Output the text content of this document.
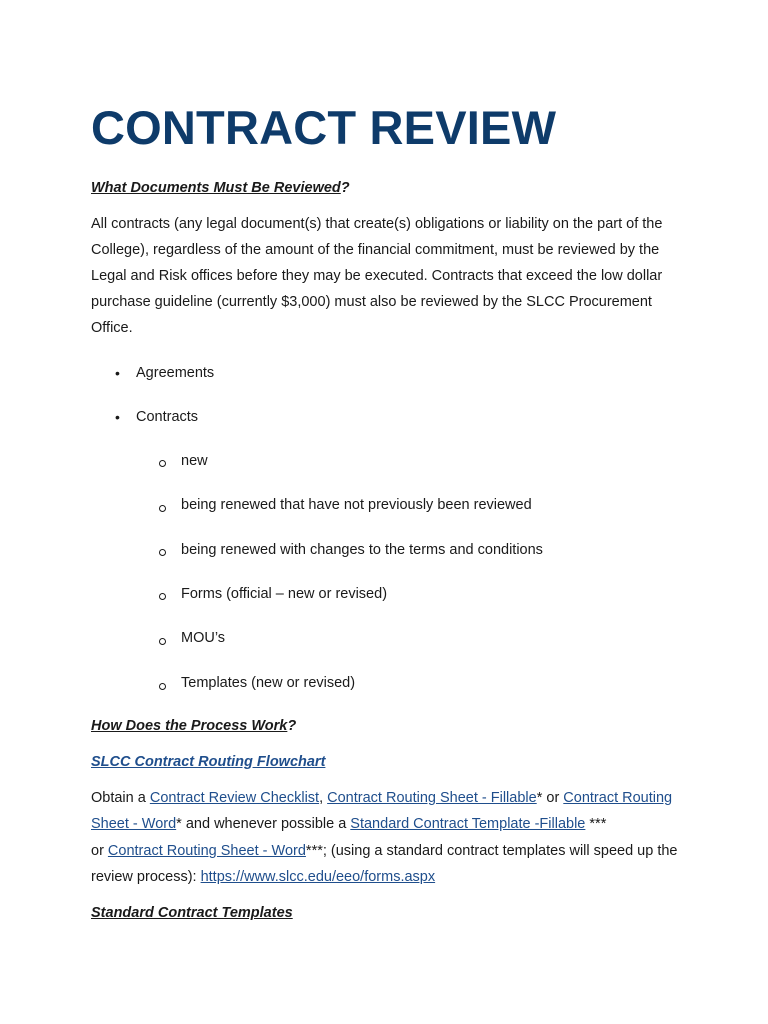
CONTRACT REVIEW
What Documents Must Be Reviewed?
All contracts (any legal document(s) that create(s) obligations or liability on the part of the College), regardless of the amount of the financial commitment, must be reviewed by the Legal and Risk offices before they may be executed. Contracts that exceed the low dollar purchase guideline (currently $3,000) must also be reviewed by the SLCC Procurement Office.
• Agreements
• Contracts
new
being renewed that have not previously been reviewed
being renewed with changes to the terms and conditions
Forms (official – new or revised)
MOU’s
Templates (new or revised)
How Does the Process Work?
SLCC Contract Routing Flowchart
Obtain a Contract Review Checklist, Contract Routing Sheet - Fillable* or Contract Routing
Sheet - Word* and whenever possible a Standard Contract Template -Fillable ***
or Contract Routing Sheet - Word***; (using a standard contract templates will speed up the
review process): https://www.slcc.edu/eeo/forms.aspx
Standard Contract Templates
